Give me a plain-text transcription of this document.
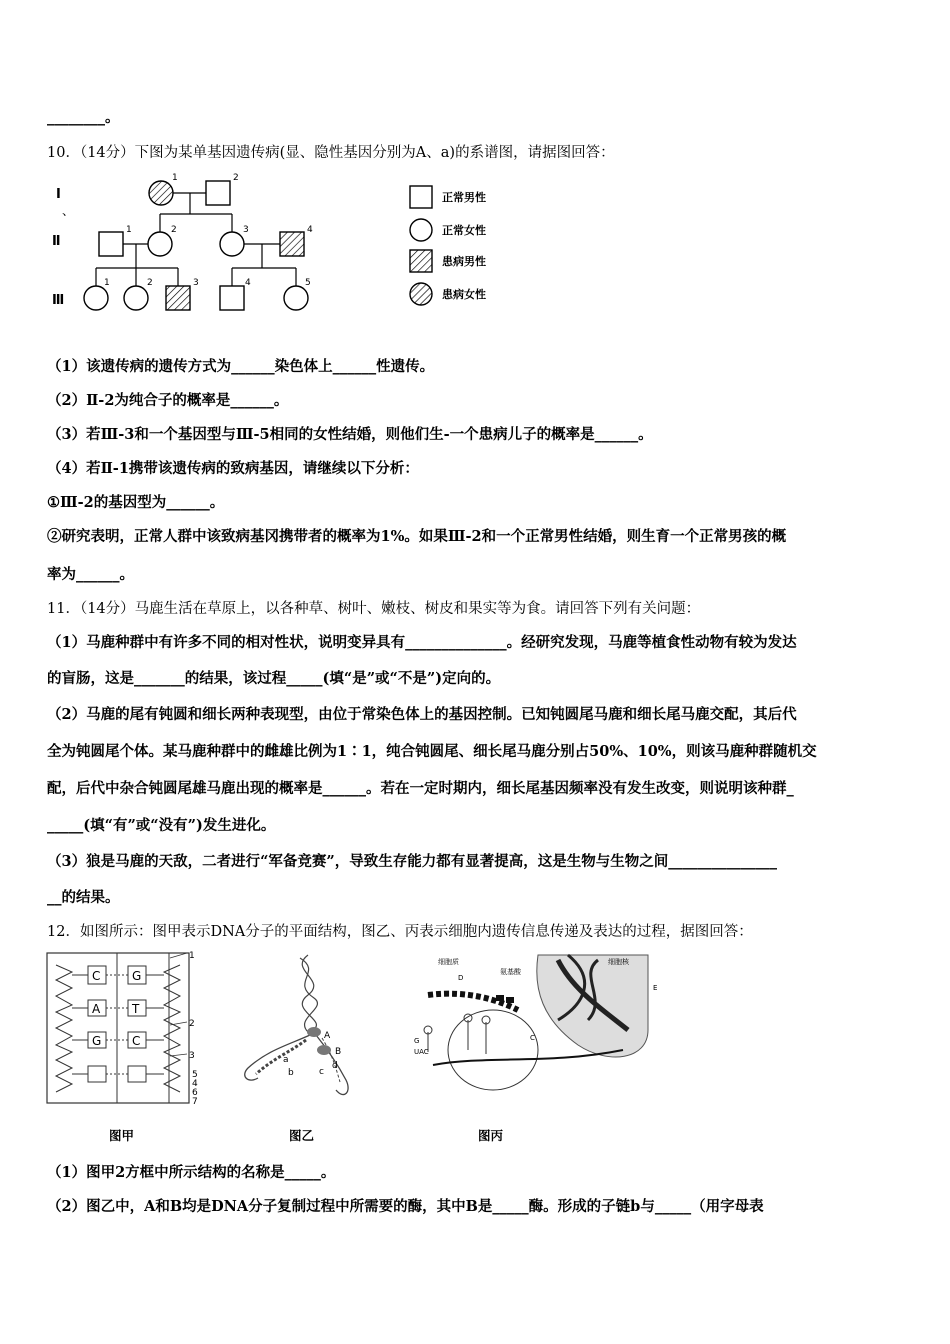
________。
10．（14分）下图为某单基因遗传病(显、隐性基因分别为A、a)的系谱图，请据图回答：
Ⅰ
、
Ⅱ
Ⅲ
1	2
1	2	3	4
1	2	3	4	5
正常男性
正常女性
患病男性
患病女性
（1）该遗传病的遗传方式为______染色体上______性遗传。
（2）Ⅱ-2为纯合子的概率是______。
（3）若Ⅲ-3和一个基因型与Ⅲ-5相同的女性结婚，则他们生-一个患病儿子的概率是______。
（4）若Ⅱ-1携带该遗传病的致病基因，请继续以下分析：
①Ⅲ-2的基因型为______。
②研究表明，正常人群中该致病基冈携带者的概率为1%。如果Ⅲ-2和一个正常男性结婚，则生育一个正常男孩的概
率为______。
11．（14分）马鹿生活在草原上，以各种草、树叶、嫩枝、树皮和果实等为食。请回答下列有关问题：
（1）马鹿种群中有许多不同的相对性状，说明变异具有______________。经研究发现，马鹿等植食性动物有较为发达
的盲肠，这是_______的结果，该过程_____(填“是”或“不是”)定向的。
（2）马鹿的尾有钝圆和细长两种表现型，由位于常染色体上的基因控制。已知钝圆尾马鹿和细长尾马鹿交配，其后代
全为钝圆尾个体。某马鹿种群中的雌雄比例为1∶1，纯合钝圆尾、细长尾马鹿分别占50%、10%，则该马鹿种群随机交
配，后代中杂合钝圆尾雄马鹿出现的概率是______。若在一定时期内，细长尾基因频率没有发生改变，则说明该种群_
_____(填“有”或“没有”)发生进化。
（3）狼是马鹿的天敌，二者进行“军备竞赛”，导致生存能力都有显著提高，这是生物与生物之间_______________
__的结果。
12．如图所示：图甲表示DNA分子的平面结构，图乙、丙表示细胞内遗传信息传递及表达的过程，据图回答：
C	G
A	T
G	C
1
2
3
5
4
6
7
A
B
a
b	c
d
细胞质
氨基酸
细胞核
UAC
E
D
G	C
图甲	图乙	图丙
（1）图甲2方框中所示结构的名称是_____。
（2）图乙中，A和B均是DNA分子复制过程中所需要的酶，其中B是_____酶。形成的子链b与_____（用字母表
